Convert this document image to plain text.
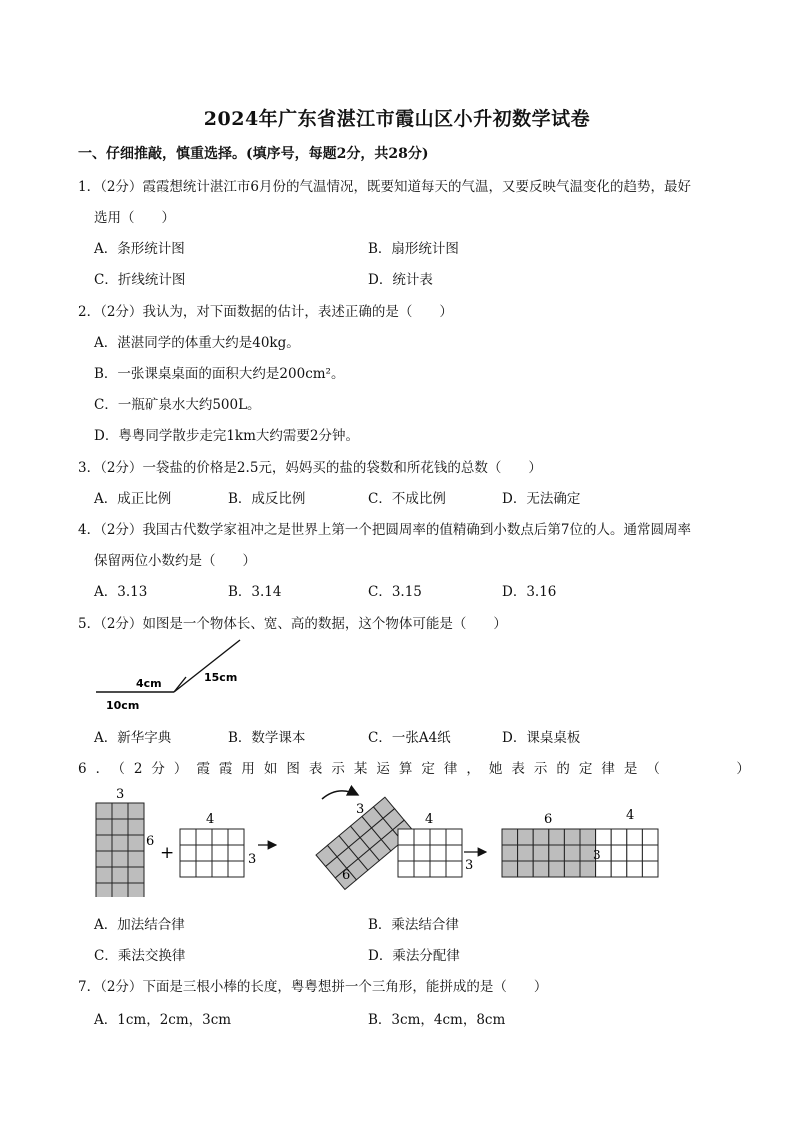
2024年广东省湛江市霞山区小升初数学试卷
一、仔细推敲，慎重选择。(填序号，每题2分，共28分)
1．（2分）霞霞想统计湛江市6月份的气温情况，既要知道每天的气温，又要反映气温变化的趋势，最好
选用（　　）
A．条形统计图	B．扇形统计图
C．折线统计图	D．统计表
2．（2分）我认为，对下面数据的估计，表述正确的是（　　）
A．湛湛同学的体重大约是40kg。
B．一张课桌桌面的面积大约是200cm²。
C．一瓶矿泉水大约500L。
D．粤粤同学散步走完1km大约需要2分钟。
3．（2分）一袋盐的价格是2.5元，妈妈买的盐的袋数和所花钱的总数（　　）
A．成正比例	B．成反比例	C．不成比例	D．无法确定
4．（2分）我国古代数学家祖冲之是世界上第一个把圆周率的值精确到小数点后第7位的人。通常圆周率
保留两位小数约是（　　）
A．3.13	B．3.14	C．3.15	D．3.16
5．（2分）如图是一个物体长、宽、高的数据，这个物体可能是（　　）
4cm	15cm
10cm
A．新华字典	B．数学课本	C．一张A4纸	D．课桌桌板
6．（2分）霞霞用如图表示某运算定律，她表示的定律是（　　　）
3
6
+
4
3
3
6
4
3
6	4
3
A．加法结合律	B．乘法结合律
C．乘法交换律	D．乘法分配律
7．（2分）下面是三根小棒的长度，粤粤想拼一个三角形，能拼成的是（　　）
A．1cm，2cm，3cm	B．3cm，4cm，8cm
